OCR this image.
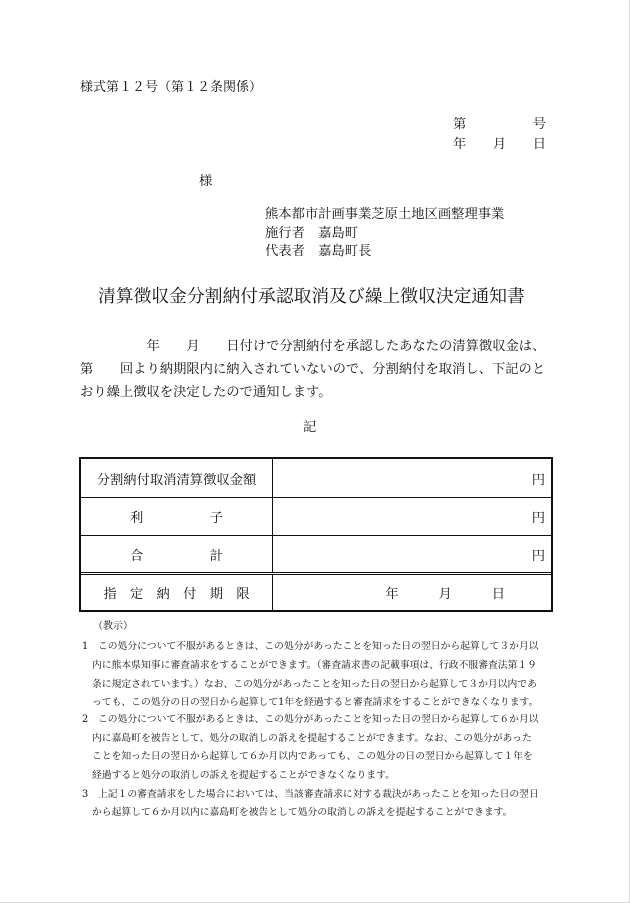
様式第１２号（第１２条関係）
第　　　　　号
年　　月　　日
様
熊本都市計画事業芝原土地区画整理事業
施行者　嘉島町
代表者　嘉島町長
清算徴収金分割納付承認取消及び繰上徴収決定通知書
　　　　　年　　月　　日付けで分割納付を承認したあなたの清算徴収金は、
第　　回より納期限内に納入されていないので、分割納付を取消し、下記のと
おり繰上徴収を決定したので通知します。
記
分割納付取消清算徴収金額	円
利　　　　　子	円
合　　　　　計	円
指　定　納　付　期　限	年　　　月　　　日
（教示）
1 この処分について不服があるときは、この処分があったことを知った日の翌日から起算して３か月以
内に熊本県知事に審査請求をすることができます。（審査請求書の記載事項は、行政不服審査法第１９
条に規定されています。）なお、この処分があったことを知った日の翌日から起算して３か月以内であ
っても、この処分の日の翌日から起算して1年を経過すると審査請求をすることができなくなります。
2 この処分について不服があるときは、この処分があったことを知った日の翌日から起算して６か月以
内に嘉島町を被告として、処分の取消しの訴えを提起することができます。なお、この処分があった
ことを知った日の翌日から起算して６か月以内であっても、この処分の日の翌日から起算して１年を
経過すると処分の取消しの訴えを提起することができなくなります。
3 上記１の審査請求をした場合においては、当該審査請求に対する裁決があったことを知った日の翌日
から起算して６か月以内に嘉島町を被告として処分の取消しの訴えを提起することができます。
